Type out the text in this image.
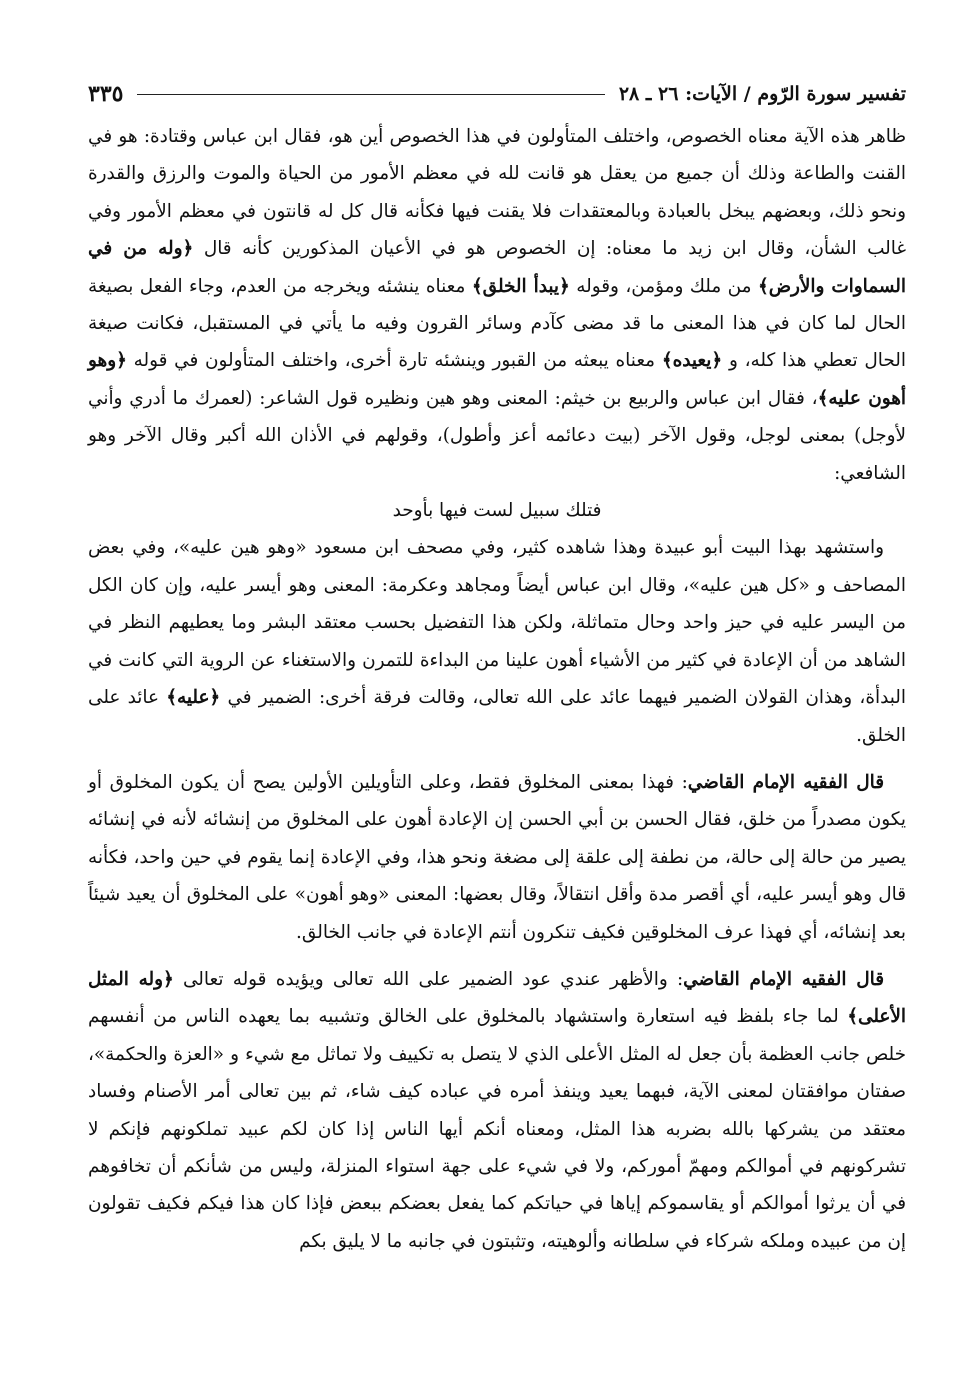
تفسير سورة الرّوم / الآيات: ٢٦ ـ ٢٨
٣٣٥

ظاهر هذه الآية معناه الخصوص، واختلف المتأولون في هذا الخصوص أين هو، فقال ابن عباس وقتادة: هو في القنت والطاعة وذلك أن جميع من يعقل هو قانت لله في معظم الأمور من الحياة والموت والرزق والقدرة ونحو ذلك، وبعضهم يبخل بالعبادة وبالمعتقدات فلا يقنت فيها فكأنه قال كل له قانتون في معظم الأمور وفي غالب الشأن، وقال ابن زيد ما معناه: إن الخصوص هو في الأعيان المذكورين كأنه قال ﴿وله من في السماوات والأرض﴾ من ملك ومؤمن، وقوله ﴿يبدأ الخلق﴾ معناه ينشئه ويخرجه من العدم، وجاء الفعل بصيغة الحال لما كان في هذا المعنى ما قد مضى كآدم وسائر القرون وفيه ما يأتي في المستقبل، فكانت صيغة الحال تعطي هذا كله، و ﴿يعيده﴾ معناه يبعثه من القبور وينشئه تارة أخرى، واختلف المتأولون في قوله ﴿وهو أهون عليه﴾، فقال ابن عباس والربيع بن خيثم: المعنى وهو هين ونظيره قول الشاعر: (لعمرك ما أدري وأني لأوجل) بمعنى لوجل، وقول الآخر (بيت دعائمه أعز وأطول)، وقولهم في الأذان الله أكبر وقال الآخر وهو الشافعي:

فتلك سبيل لست فيها بأوحد

واستشهد بهذا البيت أبو عبيدة وهذا شاهده كثير، وفي مصحف ابن مسعود «وهو هين عليه»، وفي بعض المصاحف و «كل هين عليه»، وقال ابن عباس أيضاً ومجاهد وعكرمة: المعنى وهو أيسر عليه، وإن كان الكل من اليسر عليه في حيز واحد وحال متماثلة، ولكن هذا التفضيل بحسب معتقد البشر وما يعطيهم النظر في الشاهد من أن الإعادة في كثير من الأشياء أهون علينا من البداءة للتمرن والاستغناء عن الروية التي كانت في البدأة، وهذان القولان الضمير فيهما عائد على الله تعالى، وقالت فرقة أخرى: الضمير في ﴿عليه﴾ عائد على الخلق.

قال الفقيه الإمام القاضي: فهذا بمعنى المخلوق فقط، وعلى التأويلين الأولين يصح أن يكون المخلوق أو يكون مصدراً من خلق، فقال الحسن بن أبي الحسن إن الإعادة أهون على المخلوق من إنشائه لأنه في إنشائه يصير من حالة إلى حالة، من نطفة إلى علقة إلى مضغة ونحو هذا، وفي الإعادة إنما يقوم في حين واحد، فكأنه قال وهو أيسر عليه، أي أقصر مدة وأقل انتقالاً، وقال بعضها: المعنى «وهو أهون» على المخلوق أن يعيد شيئاً بعد إنشائه، أي فهذا عرف المخلوقين فكيف تنكرون أنتم الإعادة في جانب الخالق.

قال الفقيه الإمام القاضي: والأظهر عندي عود الضمير على الله تعالى ويؤيده قوله تعالى ﴿وله المثل الأعلى﴾ لما جاء بلفظ فيه استعارة واستشهاد بالمخلوق على الخالق وتشبيه بما يعهده الناس من أنفسهم خلص جانب العظمة بأن جعل له المثل الأعلى الذي لا يتصل به تكييف ولا تماثل مع شيء و «العزة والحكمة»، صفتان موافقتان لمعنى الآية، فبهما يعيد وينفذ أمره في عباده كيف شاء، ثم بين تعالى أمر الأصنام وفساد معتقد من يشركها بالله بضربه هذا المثل، ومعناه أنكم أيها الناس إذا كان لكم عبيد تملكونهم فإنكم لا تشركونهم في أموالكم ومهمّ أموركم، ولا في شيء على جهة استواء المنزلة، وليس من شأنكم أن تخافوهم في أن يرثوا أموالكم أو يقاسموكم إياها في حياتكم كما يفعل بعضكم ببعض فإذا كان هذا فيكم فكيف تقولون إن من عبيده وملكه شركاء في سلطانه وألوهيته، وتثبتون في جانبه ما لا يليق بكم
